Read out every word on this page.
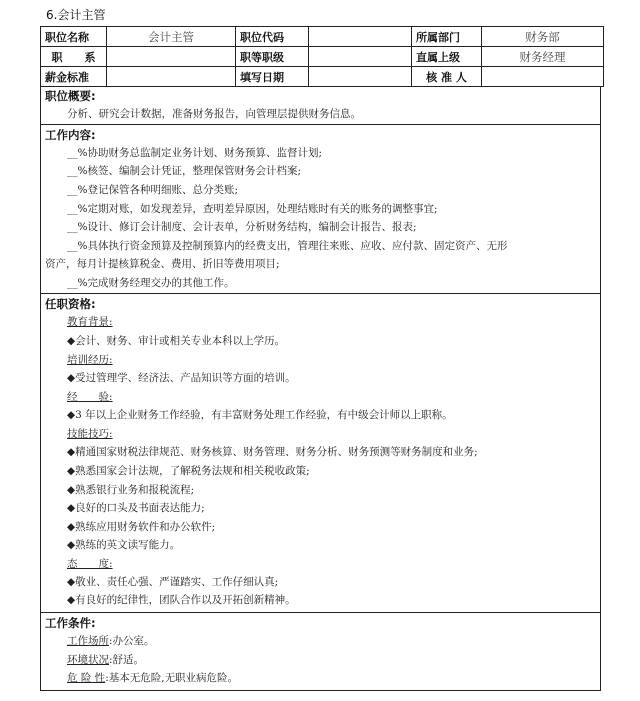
6.会计主管
职位名称	会计主管	职位代码		所属部门	财务部
职　　系		职等职级		直属上级	财务经理
薪金标准		填写日期		核 准 人	
职位概要:
分析、研究会计数据，准备财务报告，向管理层提供财务信息。
工作内容:
__%协助财务总监制定业务计划、财务预算、监督计划;
__%核签、编制会计凭证，整理保管财务会计档案;
__%登记保管各种明细账、总分类账;
__%定期对账，如发现差异，查明差异原因，处理结账时有关的账务的调整事宜;
__%设计、修订会计制度、会计表单，分析财务结构，编制会计报告、报表;
__%具体执行资金预算及控制预算内的经费支出，管理往来账、应收、应付款、固定资产、无形
资产，每月计提核算税金、费用、折旧等费用项目;
__%完成财务经理交办的其他工作。
任职资格:
教育背景:
◆会计、财务、审计或相关专业本科以上学历。
培训经历:
◆受过管理学、经济法、产品知识等方面的培训。
经　　验:
◆3 年以上企业财务工作经验，有丰富财务处理工作经验，有中级会计师以上职称。
技能技巧:
◆精通国家财税法律规范、财务核算、财务管理、财务分析、财务预测等财务制度和业务;
◆熟悉国家会计法规，了解税务法规和相关税收政策;
◆熟悉银行业务和报税流程;
◆良好的口头及书面表达能力;
◆熟练应用财务软件和办公软件;
◆熟练的英文读写能力。
态　　度:
◆敬业、责任心强、严谨踏实、工作仔细认真;
◆有良好的纪律性，团队合作以及开拓创新精神。
工作条件:
工作场所:办公室。
环境状况:舒适。
危 险 性:基本无危险,无职业病危险。
